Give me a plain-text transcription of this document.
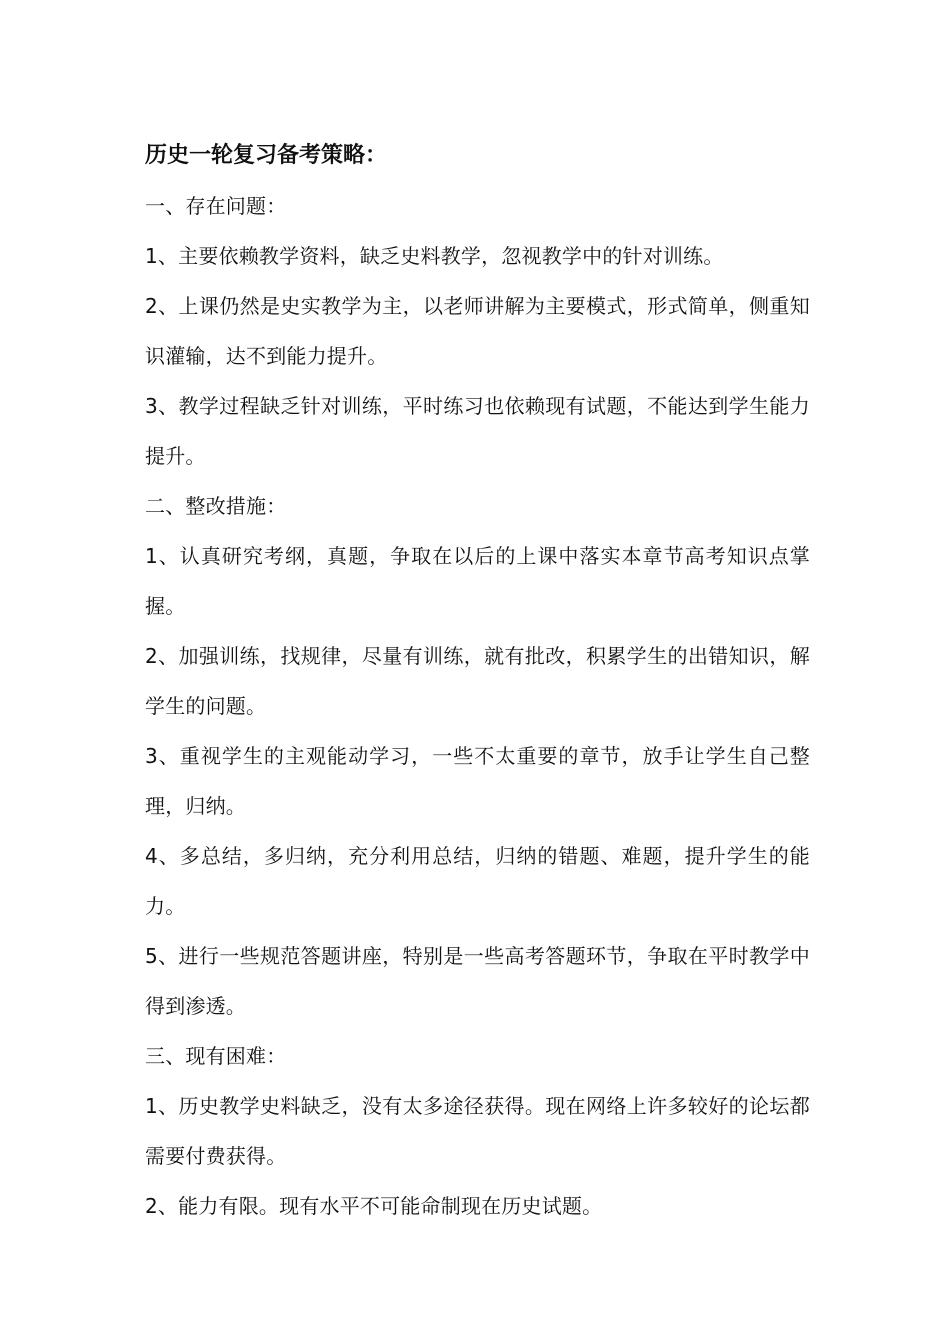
历史一轮复习备考策略：

一、存在问题：

1、主要依赖教学资料，缺乏史料教学，忽视教学中的针对训练。

2、上课仍然是史实教学为主，以老师讲解为主要模式，形式简单，侧重知识灌输，达不到能力提升。

3、教学过程缺乏针对训练，平时练习也依赖现有试题，不能达到学生能力提升。

二、整改措施：

1、认真研究考纲，真题，争取在以后的上课中落实本章节高考知识点掌握。

2、加强训练，找规律，尽量有训练，就有批改，积累学生的出错知识，解学生的问题。

3、重视学生的主观能动学习，一些不太重要的章节，放手让学生自己整理，归纳。

4、多总结，多归纳，充分利用总结，归纳的错题、难题，提升学生的能力。

5、进行一些规范答题讲座，特别是一些高考答题环节，争取在平时教学中得到渗透。

三、现有困难：

1、历史教学史料缺乏，没有太多途径获得。现在网络上许多较好的论坛都需要付费获得。

2、能力有限。现有水平不可能命制现在历史试题。
